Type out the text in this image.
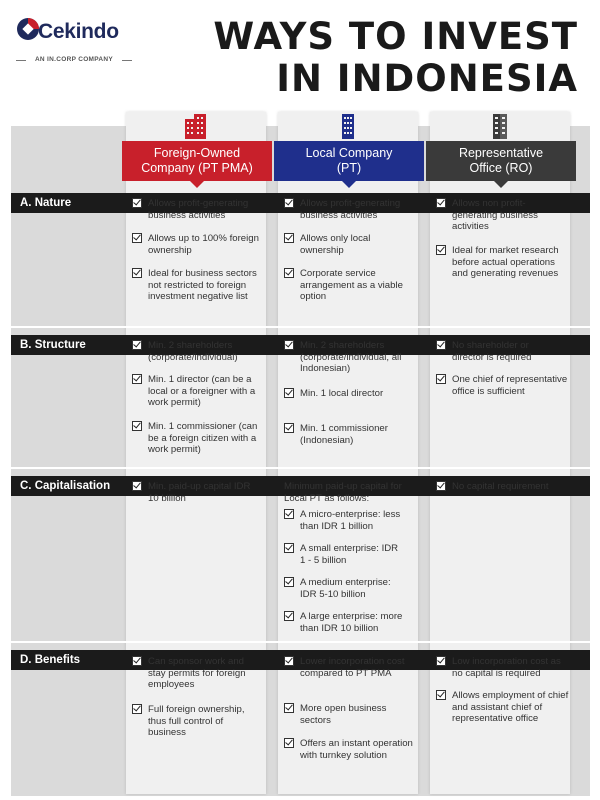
Cekindo
AN IN.CORP COMPANY
WAYS TO INVEST
IN INDONESIA
Foreign-Owned
Company (PT PMA)
Local Company
(PT)
Representative
Office (RO)
A. Nature
B. Structure
C. Capitalisation
D. Benefits
Allows profit-generating business activities
Allows up to 100% foreign ownership
Ideal for business sectors not restricted to foreign investment negative list
Allows profit-generating business activities
Allows only local ownership
Corporate service arrangement as a viable option
Allows non profit-generating business activities
Ideal for market research before actual operations and generating revenues
Min. 2 shareholders (corporate/individual)
Min. 1 director (can be a local or a foreigner with a work permit)
Min. 1 commissioner (can be a foreign citizen with a work permit)
Min. 2 shareholders (corporate/individual, all Indonesian)
Min. 1 local director
Min. 1 commissioner (Indonesian)
No shareholder or director is required
One chief of representative office is sufficient
Min. paid-up capital IDR 10 billion
Minimum paid-up capital for Local PT as follows:
A micro-enterprise: less than IDR 1 billion
A small enterprise: IDR 1 - 5 billion
A medium enterprise: IDR 5-10 billion
A large enterprise: more than IDR 10 billion
No capital requirement
Can sponsor work and stay permits for foreign employees
Full foreign ownership, thus full control of business
Lower incorporation cost compared to PT PMA
More open business sectors
Offers an instant operation with turnkey solution
Low incorporation cost as no capital is required
Allows employment of chief and assistant chief of representative office
